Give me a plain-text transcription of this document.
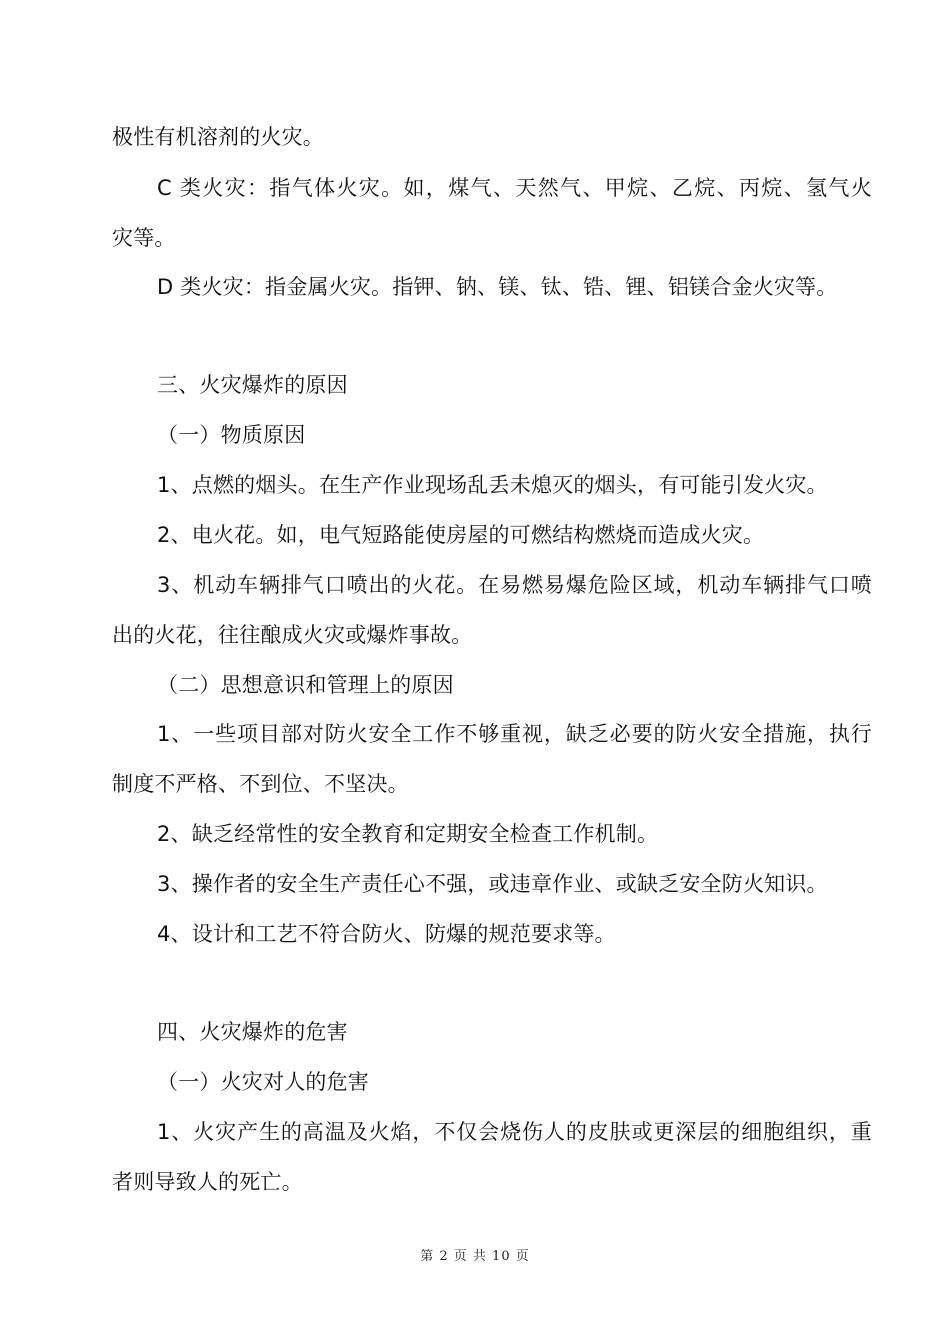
极性有机溶剂的火灾。
C 类火灾：指气体火灾。如，煤气、天然气、甲烷、乙烷、丙烷、氢气火
灾等。
D 类火灾：指金属火灾。指钾、钠、镁、钛、锆、锂、铝镁合金火灾等。
三、火灾爆炸的原因
（一）物质原因
1、点燃的烟头。在生产作业现场乱丢未熄灭的烟头，有可能引发火灾。
2、电火花。如，电气短路能使房屋的可燃结构燃烧而造成火灾。
3、机动车辆排气口喷出的火花。在易燃易爆危险区域，机动车辆排气口喷
出的火花，往往酿成火灾或爆炸事故。
（二）思想意识和管理上的原因
1、一些项目部对防火安全工作不够重视，缺乏必要的防火安全措施，执行
制度不严格、不到位、不坚决。
2、缺乏经常性的安全教育和定期安全检查工作机制。
3、操作者的安全生产责任心不强，或违章作业、或缺乏安全防火知识。
4、设计和工艺不符合防火、防爆的规范要求等。
四、火灾爆炸的危害
（一）火灾对人的危害
1、火灾产生的高温及火焰，不仅会烧伤人的皮肤或更深层的细胞组织，重
者则导致人的死亡。
第 2 页 共 10 页
